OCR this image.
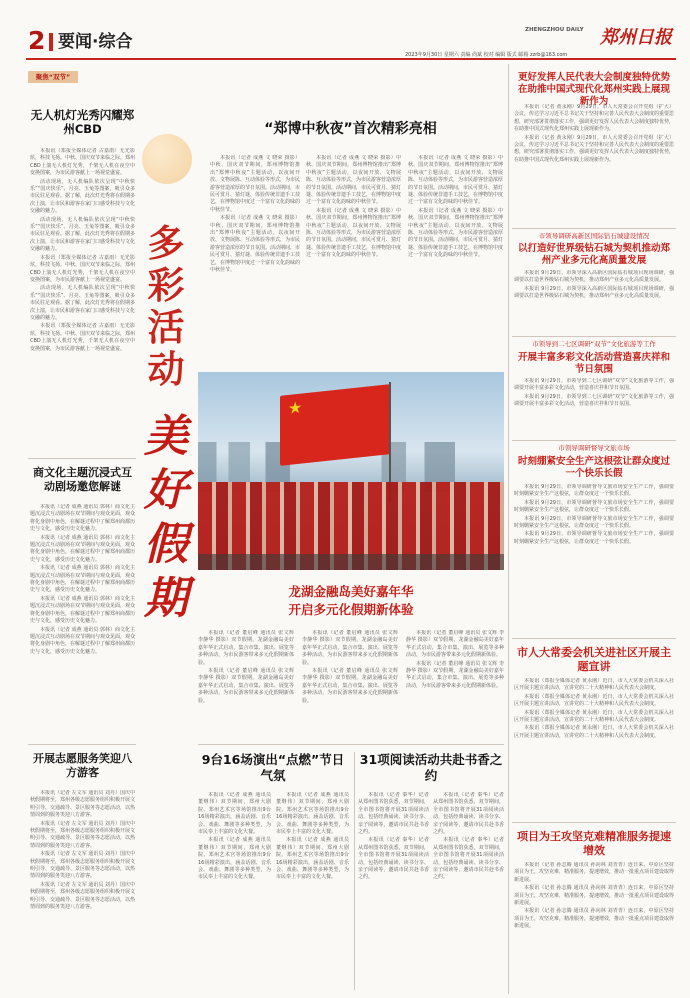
2 要闻·综合
ZHENGZHOU DAILY 郑州日报
2023年9月30日 星期六 责编 尚斌 校对 编辑 版式 邮箱 zzrb@163.com
聚焦“双节”
无人机灯光秀闪耀郑州CBD

本报讯（郑报全媒体记者 古嘉雨）无光影炫，科技飞扬。中秋、国庆双节来临之际，郑州CBD上演无人机灯光秀，千架无人机在夜空中变换图案，为市民游客献上一场视觉盛宴。

活动现场，无人机编队依次呈现“中秋快乐”“国庆快乐”、月亮、玉兔等图案，吸引众多市民驻足观看。据了解，此次灯光秀将在假期多次上演，让市民和游客在家门口感受科技与文化交融的魅力。

活动现场，无人机编队依次呈现“中秋快乐”“国庆快乐”、月亮、玉兔等图案，吸引众多市民驻足观看。据了解，此次灯光秀将在假期多次上演，让市民和游客在家门口感受科技与文化交融的魅力。

本报讯（郑报全媒体记者 古嘉雨）无光影炫，科技飞扬。中秋、国庆双节来临之际，郑州CBD上演无人机灯光秀，千架无人机在夜空中变换图案，为市民游客献上一场视觉盛宴。

活动现场，无人机编队依次呈现“中秋快乐”“国庆快乐”、月亮、玉兔等图案，吸引众多市民驻足观看。据了解，此次灯光秀将在假期多次上演，让市民和游客在家门口感受科技与文化交融的魅力。

本报讯（郑报全媒体记者 古嘉雨）无光影炫，科技飞扬。中秋、国庆双节来临之际，郑州CBD上演无人机灯光秀，千架无人机在夜空中变换图案，为市民游客献上一场视觉盛宴。

商文化主题沉浸式互动剧场邀您解谜

本报讯（记者 成燕 通讯员 郭林）商文化主题沉浸式互动剧场在双节期间与观众见面，观众将化身剧中角色，在解谜过程中了解郑州商都历史与文化，感受历史文化魅力。

本报讯（记者 成燕 通讯员 郭林）商文化主题沉浸式互动剧场在双节期间与观众见面，观众将化身剧中角色，在解谜过程中了解郑州商都历史与文化，感受历史文化魅力。

本报讯（记者 成燕 通讯员 郭林）商文化主题沉浸式互动剧场在双节期间与观众见面，观众将化身剧中角色，在解谜过程中了解郑州商都历史与文化，感受历史文化魅力。

本报讯（记者 成燕 通讯员 郭林）商文化主题沉浸式互动剧场在双节期间与观众见面，观众将化身剧中角色，在解谜过程中了解郑州商都历史与文化，感受历史文化魅力。

本报讯（记者 成燕 通讯员 郭林）商文化主题沉浸式互动剧场在双节期间与观众见面，观众将化身剧中角色，在解谜过程中了解郑州商都历史与文化，感受历史文化魅力。

开展志愿服务笑迎八方游客

本报讯（记者 左文军 通讯员 刘丹）国庆中秋假期将至，郑州各级志愿服务组织积极开展文明引导、交通疏导、景区服务等志愿活动，以热情周到的服务笑迎八方游客。

本报讯（记者 左文军 通讯员 刘丹）国庆中秋假期将至，郑州各级志愿服务组织积极开展文明引导、交通疏导、景区服务等志愿活动，以热情周到的服务笑迎八方游客。

本报讯（记者 左文军 通讯员 刘丹）国庆中秋假期将至，郑州各级志愿服务组织积极开展文明引导、交通疏导、景区服务等志愿活动，以热情周到的服务笑迎八方游客。

本报讯（记者 左文军 通讯员 刘丹）国庆中秋假期将至，郑州各级志愿服务组织积极开展文明引导、交通疏导、景区服务等志愿活动，以热情周到的服务笑迎八方游客。

多彩活动
美好假期
“郑博中秋夜”首次精彩亮相

本报讯（记者 成燕 文 晓荣 摄影）中秋、国庆双节期间，郑州博物馆推出“郑博中秋夜”主题活动，以夜间开放、文物展陈、互动体验等形式，为市民游客营造浓厚的节日氛围。活动期间，市民可赏月、猜灯谜、体验传统非遗手工技艺，在博物馆中度过一个富有文化韵味的中秋佳节。

本报讯（记者 成燕 文 晓荣 摄影）中秋、国庆双节期间，郑州博物馆推出“郑博中秋夜”主题活动，以夜间开放、文物展陈、互动体验等形式，为市民游客营造浓厚的节日氛围。活动期间，市民可赏月、猜灯谜、体验传统非遗手工技艺，在博物馆中度过一个富有文化韵味的中秋佳节。

本报讯（记者 成燕 文 晓荣 摄影）中秋、国庆双节期间，郑州博物馆推出“郑博中秋夜”主题活动，以夜间开放、文物展陈、互动体验等形式，为市民游客营造浓厚的节日氛围。活动期间，市民可赏月、猜灯谜、体验传统非遗手工技艺，在博物馆中度过一个富有文化韵味的中秋佳节。

本报讯（记者 成燕 文 晓荣 摄影）中秋、国庆双节期间，郑州博物馆推出“郑博中秋夜”主题活动，以夜间开放、文物展陈、互动体验等形式，为市民游客营造浓厚的节日氛围。活动期间，市民可赏月、猜灯谜、体验传统非遗手工技艺，在博物馆中度过一个富有文化韵味的中秋佳节。

本报讯（记者 成燕 文 晓荣 摄影）中秋、国庆双节期间，郑州博物馆推出“郑博中秋夜”主题活动，以夜间开放、文物展陈、互动体验等形式，为市民游客营造浓厚的节日氛围。活动期间，市民可赏月、猜灯谜、体验传统非遗手工技艺，在博物馆中度过一个富有文化韵味的中秋佳节。

本报讯（记者 成燕 文 晓荣 摄影）中秋、国庆双节期间，郑州博物馆推出“郑博中秋夜”主题活动，以夜间开放、文物展陈、互动体验等形式，为市民游客营造浓厚的节日氛围。活动期间，市民可赏月、猜灯谜、体验传统非遗手工技艺，在博物馆中度过一个富有文化韵味的中秋佳节。

★
龙湖金融岛美好嘉年华
开启多元化假期新体验

本报讯（记者 董启峰 通讯员 张文辉 李静华 摄影）双节假期，龙湖金融岛美好嘉年华正式启动，集合市集、演出、展览等多种活动，为市民游客带来多元化假期新体验。

本报讯（记者 董启峰 通讯员 张文辉 李静华 摄影）双节假期，龙湖金融岛美好嘉年华正式启动，集合市集、演出、展览等多种活动，为市民游客带来多元化假期新体验。

本报讯（记者 董启峰 通讯员 张文辉 李静华 摄影）双节假期，龙湖金融岛美好嘉年华正式启动，集合市集、演出、展览等多种活动，为市民游客带来多元化假期新体验。

本报讯（记者 董启峰 通讯员 张文辉 李静华 摄影）双节假期，龙湖金融岛美好嘉年华正式启动，集合市集、演出、展览等多种活动，为市民游客带来多元化假期新体验。

本报讯（记者 董启峰 通讯员 张文辉 李静华 摄影）双节假期，龙湖金融岛美好嘉年华正式启动，集合市集、演出、展览等多种活动，为市民游客带来多元化假期新体验。

本报讯（记者 董启峰 通讯员 张文辉 李静华 摄影）双节假期，龙湖金融岛美好嘉年华正式启动，集合市集、演出、展览等多种活动，为市民游客带来多元化假期新体验。

9台16场演出“点燃”节日气氛

本报讯（记者 成燕 通讯员 董继伟）双节期间，郑州大剧院、郑州艺术宫等场馆推出9台16场精彩演出，涵盖话剧、音乐会、戏曲、舞剧等多种类型，为市民奉上丰富的文化大餐。

本报讯（记者 成燕 通讯员 董继伟）双节期间，郑州大剧院、郑州艺术宫等场馆推出9台16场精彩演出，涵盖话剧、音乐会、戏曲、舞剧等多种类型，为市民奉上丰富的文化大餐。

本报讯（记者 成燕 通讯员 董继伟）双节期间，郑州大剧院、郑州艺术宫等场馆推出9台16场精彩演出，涵盖话剧、音乐会、戏曲、舞剧等多种类型，为市民奉上丰富的文化大餐。

本报讯（记者 成燕 通讯员 董继伟）双节期间，郑州大剧院、郑州艺术宫等场馆推出9台16场精彩演出，涵盖话剧、音乐会、戏曲、舞剧等多种类型，为市民奉上丰富的文化大餐。

31项阅读活动共赴书香之约

本报讯（记者 秦华）记者从郑州图书馆获悉，双节期间，全市图书馆将开展31项阅读活动，包括经典诵读、读书分享、亲子阅读等，邀请市民共赴书香之约。

本报讯（记者 秦华）记者从郑州图书馆获悉，双节期间，全市图书馆将开展31项阅读活动，包括经典诵读、读书分享、亲子阅读等，邀请市民共赴书香之约。

本报讯（记者 秦华）记者从郑州图书馆获悉，双节期间，全市图书馆将开展31项阅读活动，包括经典诵读、读书分享、亲子阅读等，邀请市民共赴书香之约。

本报讯（记者 秦华）记者从郑州图书馆获悉，双节期间，全市图书馆将开展31项阅读活动，包括经典诵读、读书分享、亲子阅读等，邀请市民共赴书香之约。

更好发挥人民代表大会制度独特优势在助推中国式现代化郑州实践上展现新作为

本报讯（记者 黄永刚）9月29日，市人大常委会召开党组（扩大）会议，传达学习习近平总书记关于坚持和完善人民代表大会制度的重要思想，研究部署贯彻落实工作，强调更好发挥人民代表大会制度独特优势，在助推中国式现代化郑州实践上展现新作为。

本报讯（记者 黄永刚）9月29日，市人大常委会召开党组（扩大）会议，传达学习习近平总书记关于坚持和完善人民代表大会制度的重要思想，研究部署贯彻落实工作，强调更好发挥人民代表大会制度独特优势，在助推中国式现代化郑州实践上展现新作为。

市领导调研高新区国际钻石城建设情况
以打造好世界级钻石城为契机推动郑州产业多元化高质量发展

本报讯 9月29日，市领导深入高新区国际钻石城项目现场调研，强调要以打造世界级钻石城为契机，推动郑州产业多元化高质量发展。

本报讯 9月29日，市领导深入高新区国际钻石城项目现场调研，强调要以打造世界级钻石城为契机，推动郑州产业多元化高质量发展。

市领导到二七区调研“双节”文化旅游等工作
开展丰富多彩文化活动营造喜庆祥和节日氛围

本报讯 9月29日，市领导到二七区调研“双节”文化旅游等工作，强调要开展丰富多彩文化活动，营造喜庆祥和节日氛围。

本报讯 9月29日，市领导到二七区调研“双节”文化旅游等工作，强调要开展丰富多彩文化活动，营造喜庆祥和节日氛围。

市领导调研督导文旅市场
时刻绷紧安全生产这根弦让群众度过一个快乐长假

本报讯 9月29日，市领导调研督导文旅市场安全生产工作，强调要时刻绷紧安全生产这根弦，让群众度过一个快乐长假。

本报讯 9月29日，市领导调研督导文旅市场安全生产工作，强调要时刻绷紧安全生产这根弦，让群众度过一个快乐长假。

本报讯 9月29日，市领导调研督导文旅市场安全生产工作，强调要时刻绷紧安全生产这根弦，让群众度过一个快乐长假。

本报讯 9月29日，市领导调研督导文旅市场安全生产工作，强调要时刻绷紧安全生产这根弦，让群众度过一个快乐长假。

市人大常委会机关进社区开展主题宣讲

本报讯（郑报全媒体记者 黄永刚）近日，市人大常委会机关深入社区开展主题宣讲活动，宣讲党的二十大精神和人民代表大会制度。

本报讯（郑报全媒体记者 黄永刚）近日，市人大常委会机关深入社区开展主题宣讲活动，宣讲党的二十大精神和人民代表大会制度。

本报讯（郑报全媒体记者 黄永刚）近日，市人大常委会机关深入社区开展主题宣讲活动，宣讲党的二十大精神和人民代表大会制度。

本报讯（郑报全媒体记者 黄永刚）近日，市人大常委会机关深入社区开展主题宣讲活动，宣讲党的二十大精神和人民代表大会制度。

项目为王攻坚克难精准服务提速增效

本报讯（记者 孙志腾 通讯员 孙向林 刘青青）连日来，中原区坚持项目为王，攻坚克难，精准服务，提速增效，推动一批重点项目建设取得新进展。

本报讯（记者 孙志腾 通讯员 孙向林 刘青青）连日来，中原区坚持项目为王，攻坚克难，精准服务，提速增效，推动一批重点项目建设取得新进展。

本报讯（记者 孙志腾 通讯员 孙向林 刘青青）连日来，中原区坚持项目为王，攻坚克难，精准服务，提速增效，推动一批重点项目建设取得新进展。
